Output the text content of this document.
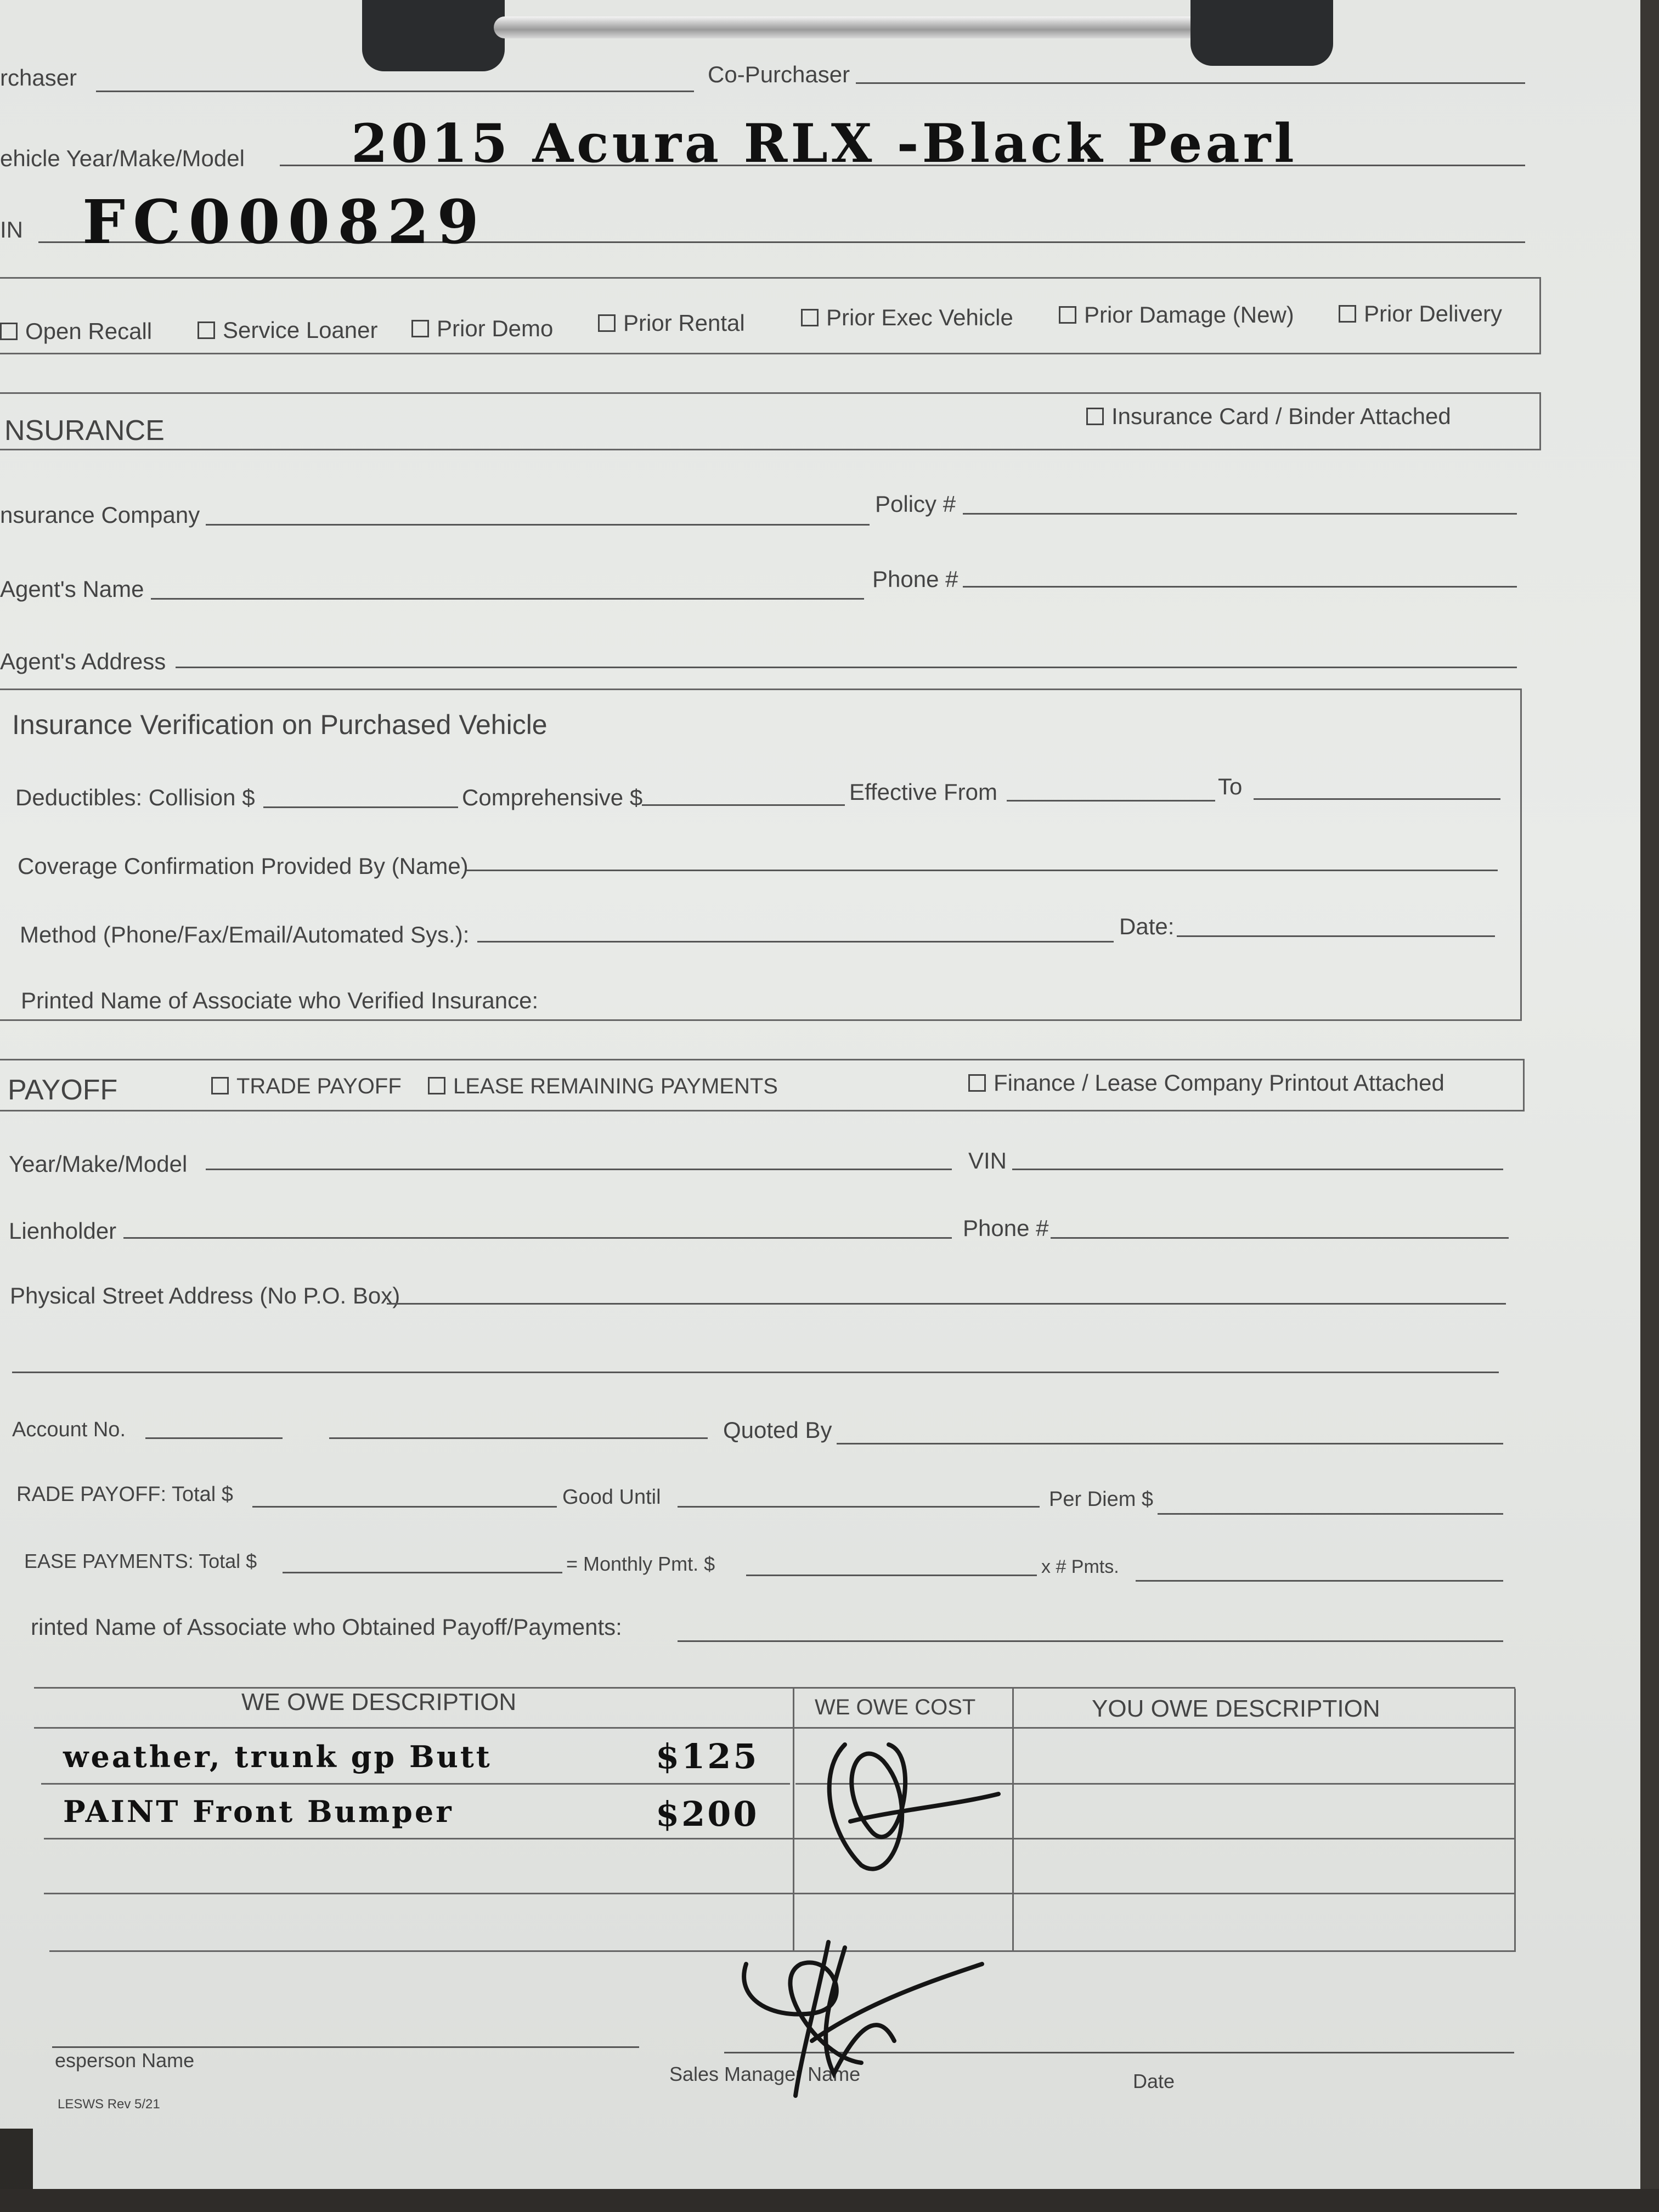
rchaser	Co-Purchaser
ehicle Year/Make/Model 2015 Acura RLX -Black Pearl
IN FC000829
Open Recall	Service Loaner	Prior Demo	Prior Rental	Prior Exec Vehicle	Prior Damage (New)	Prior Delivery
NSURANCE	Insurance Card / Binder Attached
nsurance Company	Policy #
Agent's Name	Phone #
Agent's Address
Insurance Verification on Purchased Vehicle
Deductibles: Collision $	Comprehensive $	Effective From	To
Coverage Confirmation Provided By (Name)
Method (Phone/Fax/Email/Automated Sys.):	Date:
Printed Name of Associate who Verified Insurance:
PAYOFF	TRADE PAYOFF	LEASE REMAINING PAYMENTS	Finance / Lease Company Printout Attached
Year/Make/Model	VIN
Lienholder	Phone #
Physical Street Address (No P.O. Box)
Account No.	Quoted By
RADE PAYOFF: Total $	Good Until	Per Diem $
EASE PAYMENTS: Total $	= Monthly Pmt. $	x # Pmts.
rinted Name of Associate who Obtained Payoff/Payments:
WE OWE DESCRIPTION	WE OWE COST	YOU OWE DESCRIPTION
weather, trunk gp Butt	$125
PAINT Front Bumper	$200
esperson Name
Sales Manager Name	Date
LESWS Rev 5/21
